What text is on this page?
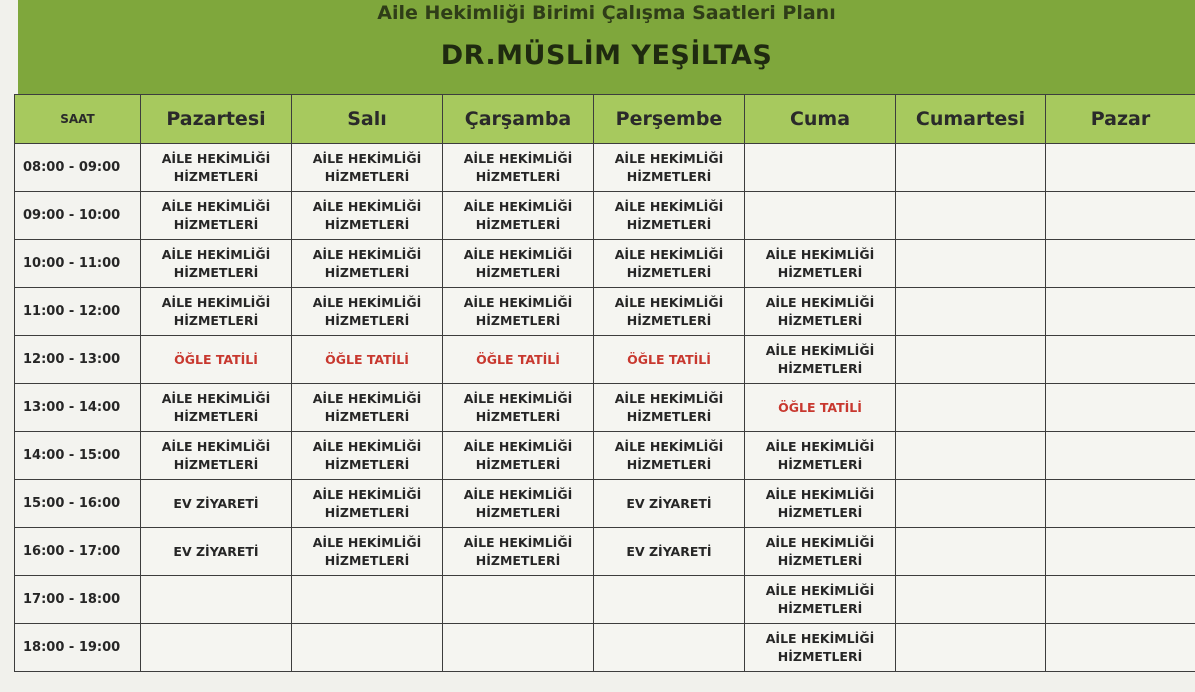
Aile Hekimliği Birimi Çalışma Saatleri Planı
DR.MÜSLİM YEŞİLTAŞ
SAAT	Pazartesi	Salı	Çarşamba	Perşembe	Cuma	Cumartesi	Pazar
08:00 - 09:00	AİLE HEKİMLİĞİ HİZMETLERİ	AİLE HEKİMLİĞİ HİZMETLERİ	AİLE HEKİMLİĞİ HİZMETLERİ	AİLE HEKİMLİĞİ HİZMETLERİ			
09:00 - 10:00	AİLE HEKİMLİĞİ HİZMETLERİ	AİLE HEKİMLİĞİ HİZMETLERİ	AİLE HEKİMLİĞİ HİZMETLERİ	AİLE HEKİMLİĞİ HİZMETLERİ			
10:00 - 11:00	AİLE HEKİMLİĞİ HİZMETLERİ	AİLE HEKİMLİĞİ HİZMETLERİ	AİLE HEKİMLİĞİ HİZMETLERİ	AİLE HEKİMLİĞİ HİZMETLERİ	AİLE HEKİMLİĞİ HİZMETLERİ		
11:00 - 12:00	AİLE HEKİMLİĞİ HİZMETLERİ	AİLE HEKİMLİĞİ HİZMETLERİ	AİLE HEKİMLİĞİ HİZMETLERİ	AİLE HEKİMLİĞİ HİZMETLERİ	AİLE HEKİMLİĞİ HİZMETLERİ		
12:00 - 13:00	ÖĞLE TATİLİ	ÖĞLE TATİLİ	ÖĞLE TATİLİ	ÖĞLE TATİLİ	AİLE HEKİMLİĞİ HİZMETLERİ		
13:00 - 14:00	AİLE HEKİMLİĞİ HİZMETLERİ	AİLE HEKİMLİĞİ HİZMETLERİ	AİLE HEKİMLİĞİ HİZMETLERİ	AİLE HEKİMLİĞİ HİZMETLERİ	ÖĞLE TATİLİ		
14:00 - 15:00	AİLE HEKİMLİĞİ HİZMETLERİ	AİLE HEKİMLİĞİ HİZMETLERİ	AİLE HEKİMLİĞİ HİZMETLERİ	AİLE HEKİMLİĞİ HİZMETLERİ	AİLE HEKİMLİĞİ HİZMETLERİ		
15:00 - 16:00	EV ZİYARETİ	AİLE HEKİMLİĞİ HİZMETLERİ	AİLE HEKİMLİĞİ HİZMETLERİ	EV ZİYARETİ	AİLE HEKİMLİĞİ HİZMETLERİ		
16:00 - 17:00	EV ZİYARETİ	AİLE HEKİMLİĞİ HİZMETLERİ	AİLE HEKİMLİĞİ HİZMETLERİ	EV ZİYARETİ	AİLE HEKİMLİĞİ HİZMETLERİ		
17:00 - 18:00					AİLE HEKİMLİĞİ HİZMETLERİ		
18:00 - 19:00					AİLE HEKİMLİĞİ HİZMETLERİ		
